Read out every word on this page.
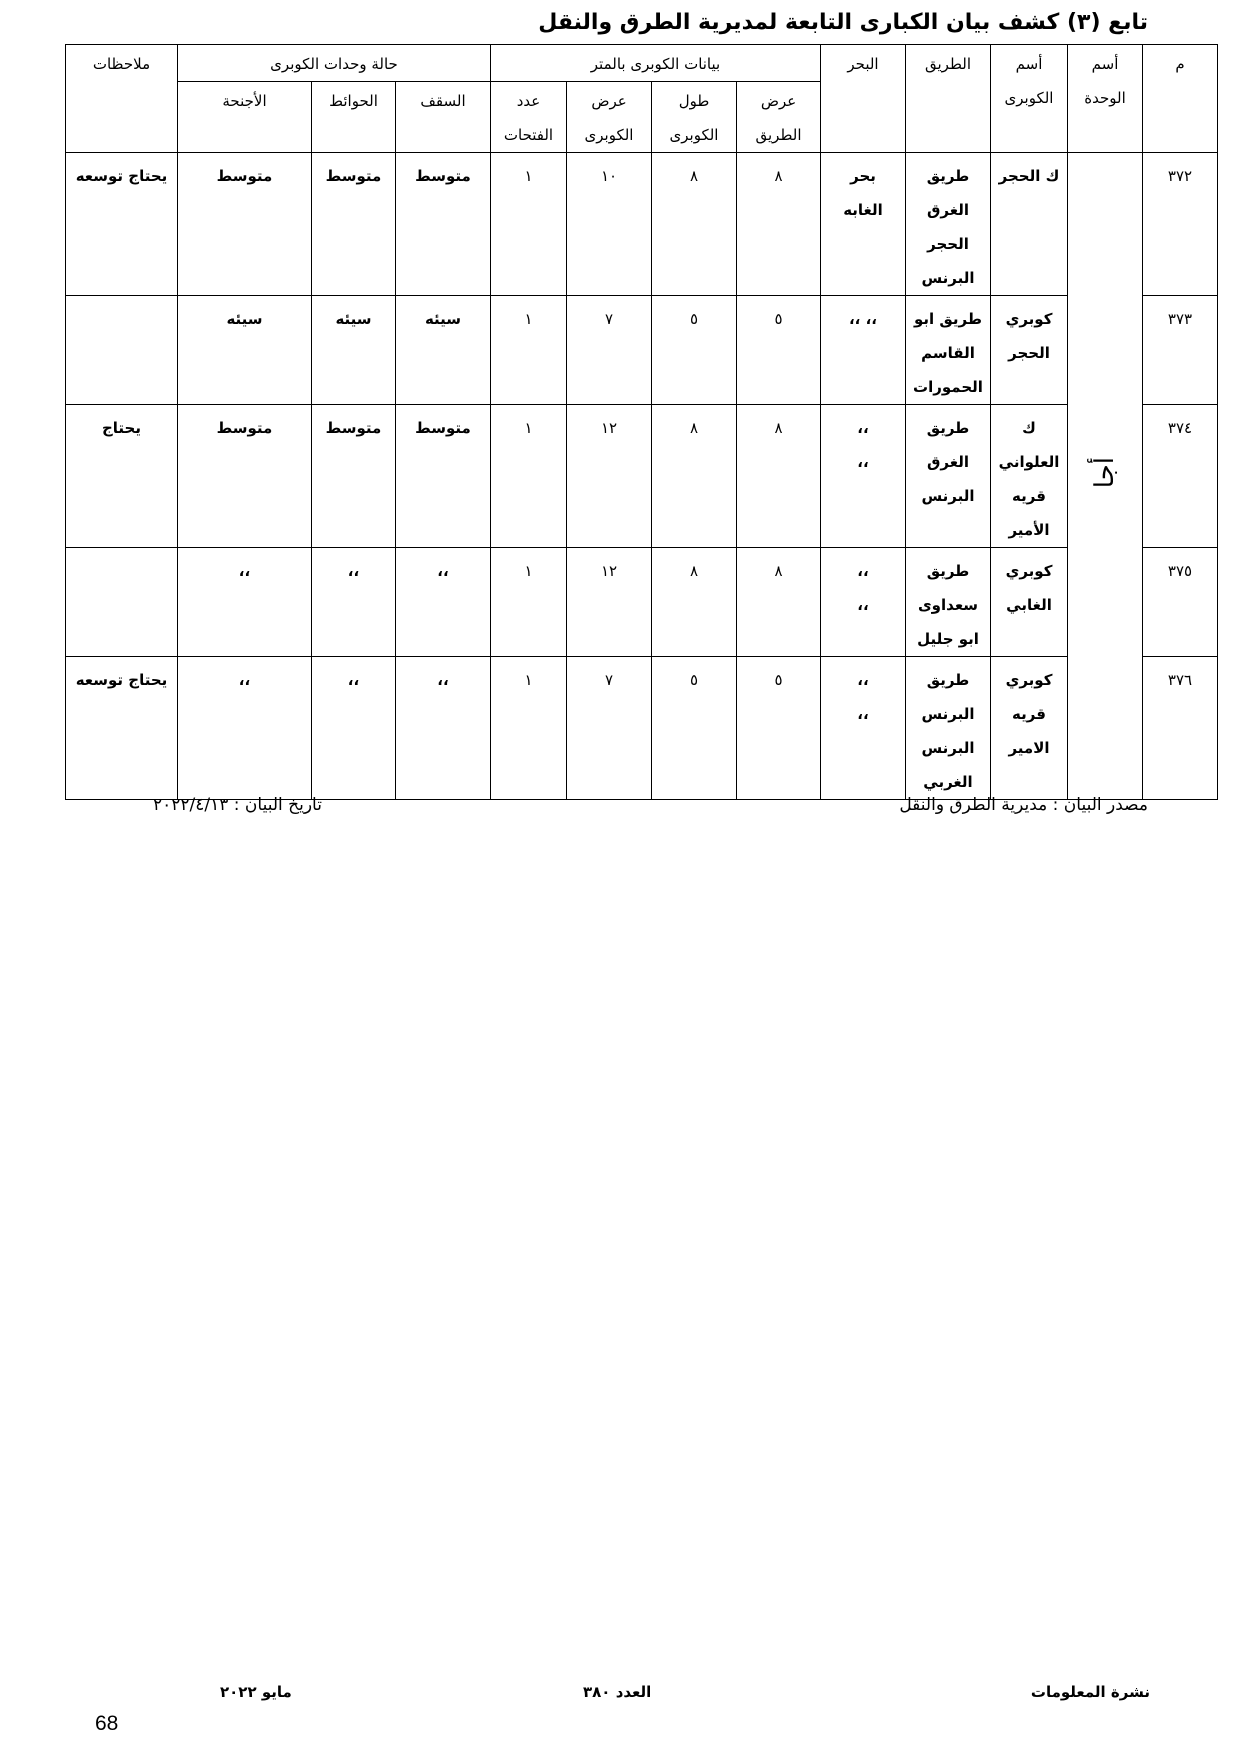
تابع (٣) كشف بيان الكبارى التابعة لمديرية الطرق والنقل
م	أسم الوحدة	أسم الكوبرى	الطريق	البحر	بيانات الكوبرى بالمتر				حالة وحدات الكوبرى			ملاحظات
					عرض الطريق	طول الكوبرى	عرض الكوبرى	عدد الفتحات	السقف	الحوائط	الأجنحة	
٣٧٢	أجا	ك الحجر	طريق
الغرق
الحجر
البرنس	بحر
الغابه	٨	٨	١٠	١	متوسط	متوسط	متوسط	يحتاج توسعه
٣٧٣		كوبري
الحجر	طريق ابو
القاسم
الحمورات	،، ،،	٥	٥	٧	١	سيئه	سيئه	سيئه	
٣٧٤		ك
العلواني
قريه
الأمير	طريق
الغرق
البرنس	،،
،،	٨	٨	١٢	١	متوسط	متوسط	متوسط	يحتاج
٣٧٥		كوبري
الغابي	طريق
سعداوى
ابو جليل	،،
،،	٨	٨	١٢	١	،،	،،	،،	
٣٧٦		كوبري
قريه
الامير	طريق
البرنس
البرنس
الغربي	،،
،،	٥	٥	٧	١	،،	،،	،،	يحتاج توسعه
مصدر البيان : مديرية الطرق والنقل
تاريخ البيان : ٢٠٢٢/٤/١٣
نشرة المعلومات
العدد ٣٨٠
مايو ٢٠٢٢
68
